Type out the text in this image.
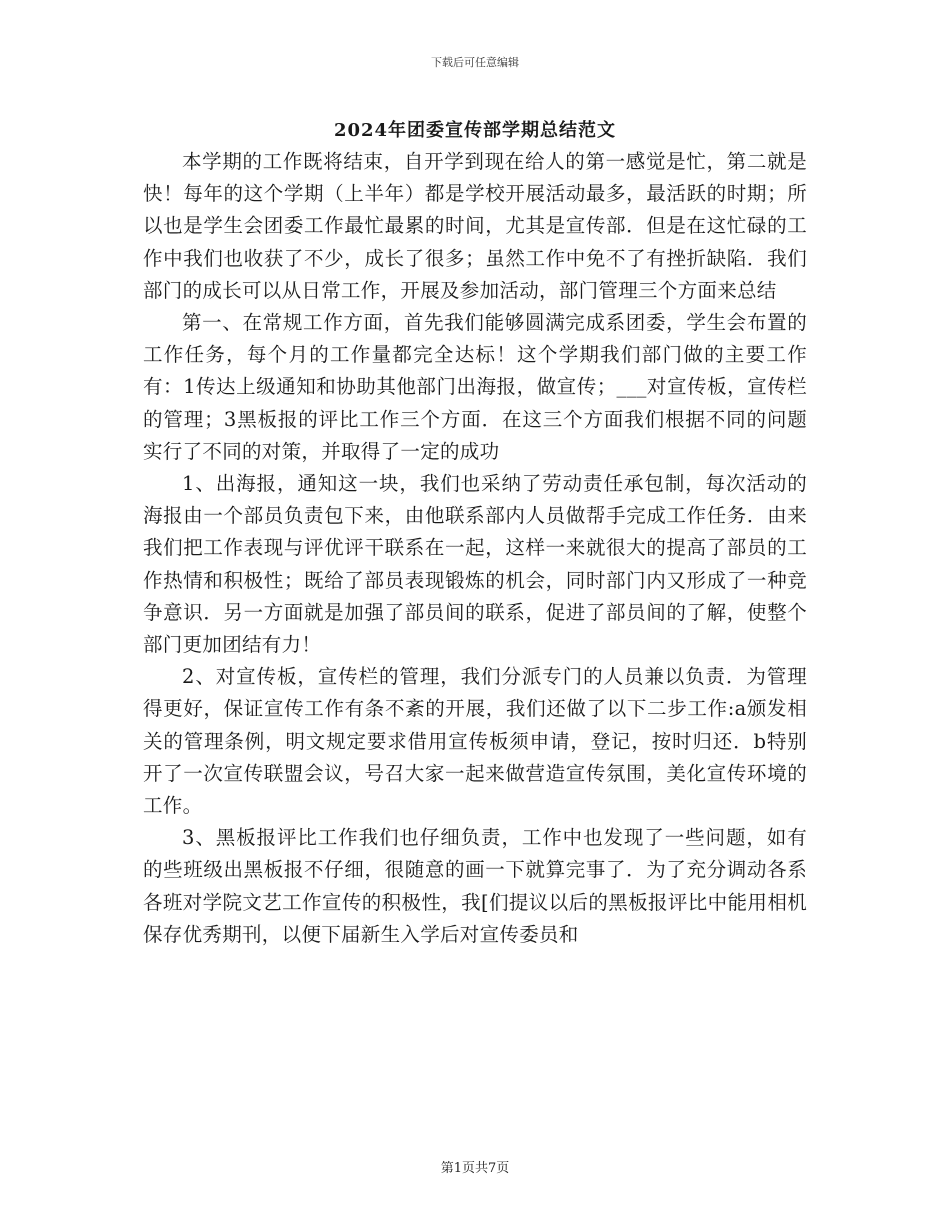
下载后可任意编辑
2024年团委宣传部学期总结范文

本学期的工作既将结束，自开学到现在给人的第一感觉是忙，第二就是快！每年的这个学期（上半年）都是学校开展活动最多，最活跃的时期；所以也是学生会团委工作最忙最累的时间，尤其是宣传部．但是在这忙碌的工作中我们也收获了不少，成长了很多；虽然工作中免不了有挫折缺陷．我们部门的成长可以从日常工作，开展及参加活动，部门管理三个方面来总结

第一、在常规工作方面，首先我们能够圆满完成系团委，学生会布置的工作任务，每个月的工作量都完全达标！这个学期我们部门做的主要工作有：1传达上级通知和协助其他部门出海报，做宣传；___对宣传板，宣传栏的管理；3黑板报的评比工作三个方面．在这三个方面我们根据不同的问题实行了不同的对策，并取得了一定的成功

1、出海报，通知这一块，我们也采纳了劳动责任承包制，每次活动的海报由一个部员负责包下来，由他联系部内人员做帮手完成工作任务．由来我们把工作表现与评优评干联系在一起，这样一来就很大的提高了部员的工作热情和积极性；既给了部员表现锻炼的机会，同时部门内又形成了一种竞争意识．另一方面就是加强了部员间的联系，促进了部员间的了解，使整个部门更加团结有力！

2、对宣传板，宣传栏的管理，我们分派专门的人员兼以负责．为管理得更好，保证宣传工作有条不紊的开展，我们还做了以下二步工作:a颁发相关的管理条例，明文规定要求借用宣传板须申请，登记，按时归还．b特别开了一次宣传联盟会议，号召大家一起来做营造宣传氛围，美化宣传环境的工作。

3、黑板报评比工作我们也仔细负责，工作中也发现了一些问题，如有的些班级出黑板报不仔细，很随意的画一下就算完事了．为了充分调动各系各班对学院文艺工作宣传的积极性，我[们提议以后的黑板报评比中能用相机保存优秀期刊，以便下届新生入学后对宣传委员和

第1页共7页
